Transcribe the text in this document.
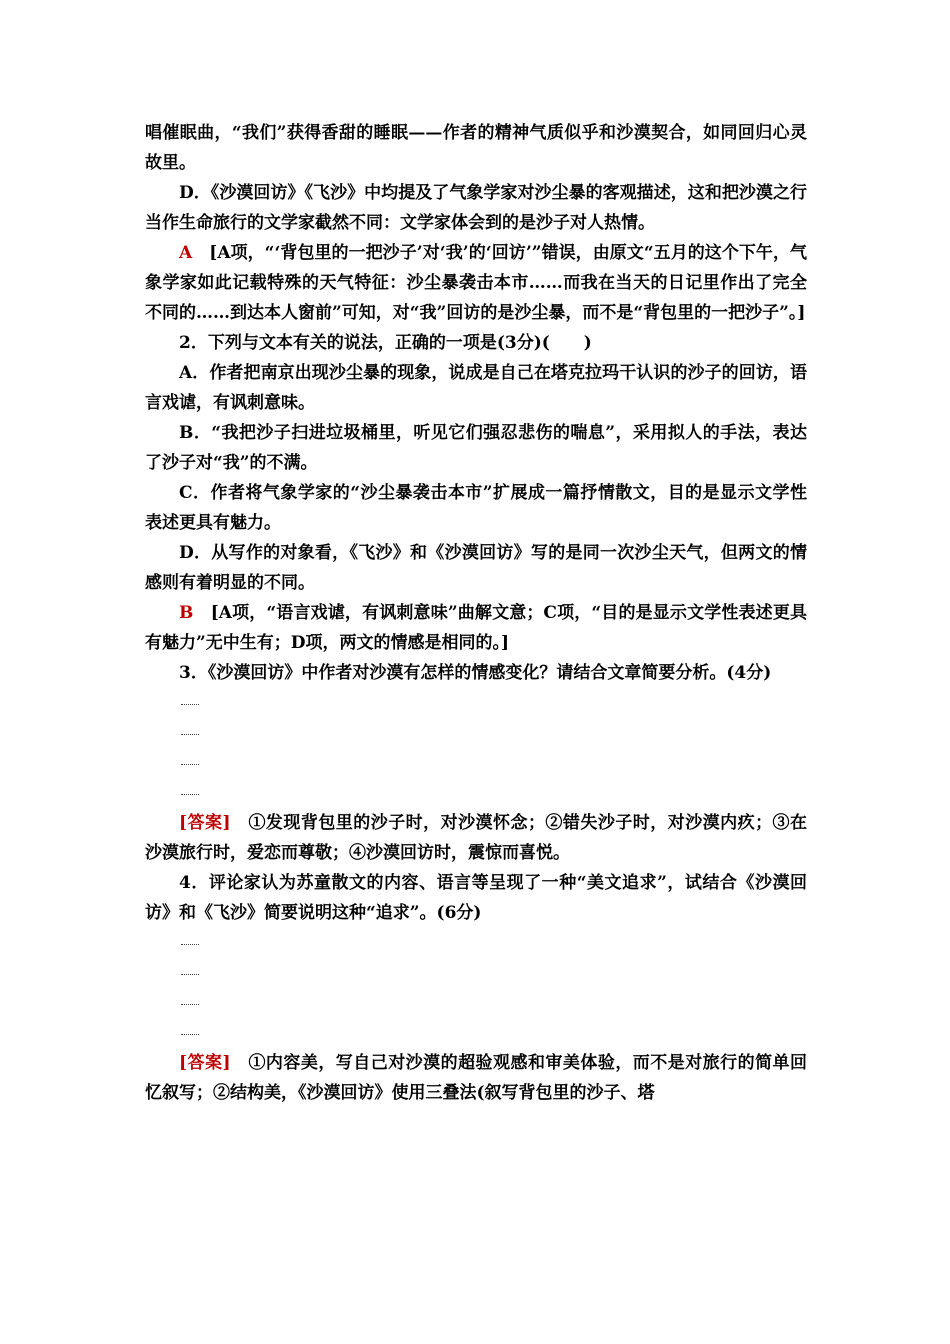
唱催眠曲，“我们”获得香甜的睡眠——作者的精神气质似乎和沙漠契合，如同回归心灵故里。

D．《沙漠回访》《飞沙》中均提及了气象学家对沙尘暴的客观描述，这和把沙漠之行当作生命旅行的文学家截然不同：文学家体会到的是沙子对人热情。

A　 [A项，“‘背包里的一把沙子’对‘我’的‘回访’”错误，由原文“五月的这个下午，气象学家如此记载特殊的天气特征：沙尘暴袭击本市……而我在当天的日记里作出了完全不同的……到达本人窗前”可知，对“我”回访的是沙尘暴，而不是“背包里的一把沙子”。]

2．下列与文本有关的说法，正确的一项是(3分)(　　)

A．作者把南京出现沙尘暴的现象，说成是自己在塔克拉玛干认识的沙子的回访，语言戏谑，有讽刺意味。

B．“我把沙子扫进垃圾桶里，听见它们强忍悲伤的喘息”，采用拟人的手法，表达了沙子对“我”的不满。

C．作者将气象学家的“沙尘暴袭击本市”扩展成一篇抒情散文，目的是显示文学性表述更具有魅力。

D．从写作的对象看，《飞沙》和《沙漠回访》写的是同一次沙尘天气，但两文的情感则有着明显的不同。

B　 [A项，“语言戏谑，有讽刺意味”曲解文意；C项，“目的是显示文学性表述更具有魅力”无中生有；D项，两文的情感是相同的。]

3．《沙漠回访》中作者对沙漠有怎样的情感变化？请结合文章简要分析。(4分)

[答案]　 ①发现背包里的沙子时，对沙漠怀念；②错失沙子时，对沙漠内疚；③在沙漠旅行时，爱恋而尊敬；④沙漠回访时，震惊而喜悦。

4．评论家认为苏童散文的内容、语言等呈现了一种“美文追求”，试结合《沙漠回访》和《飞沙》简要说明这种“追求”。(6分)

[答案]　 ①内容美，写自己对沙漠的超验观感和审美体验，而不是对旅行的简单回忆叙写；②结构美，《沙漠回访》使用三叠法(叙写背包里的沙子、塔
